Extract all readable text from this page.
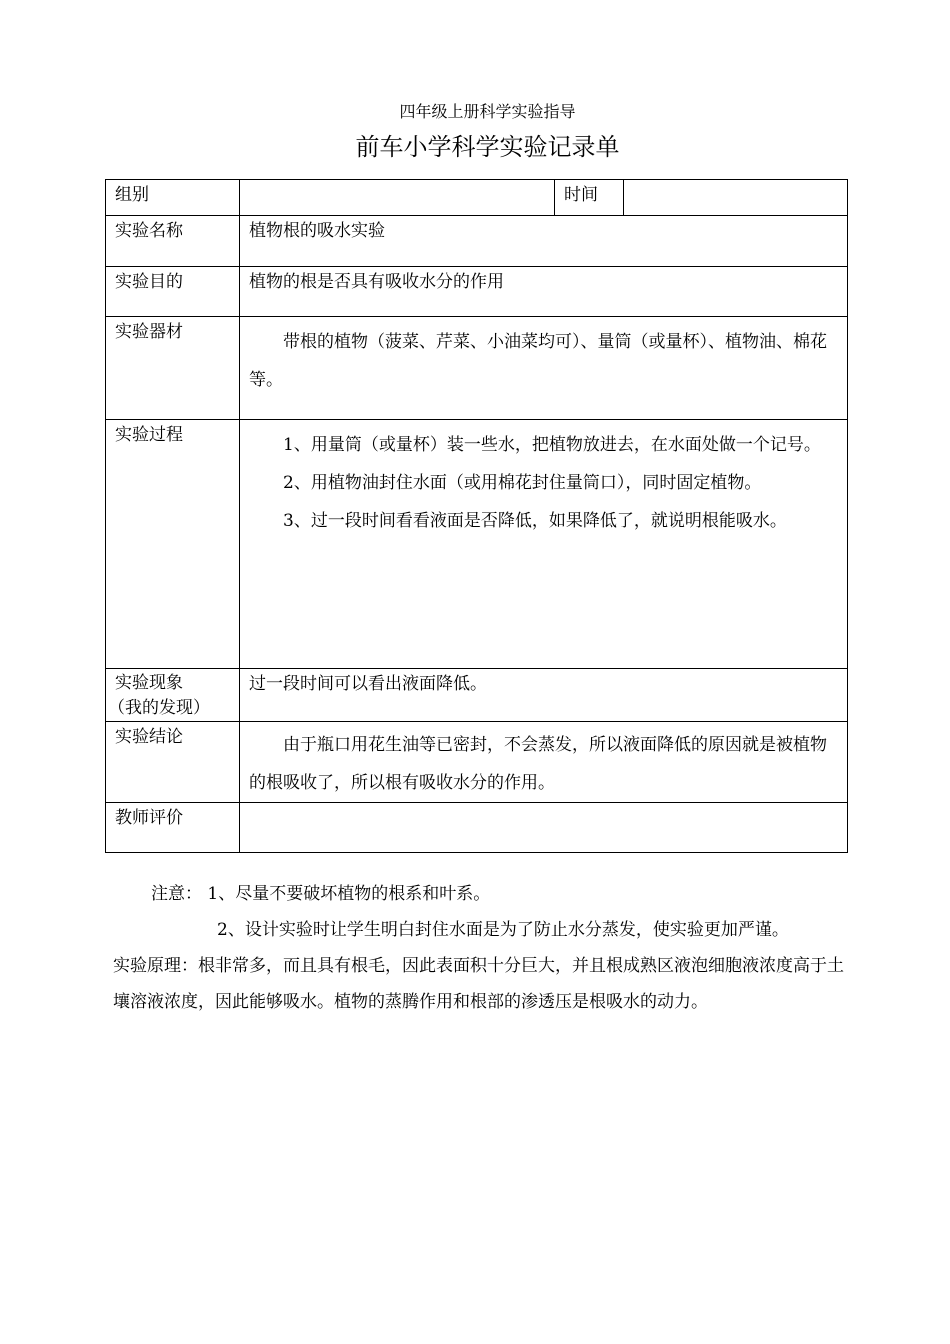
四年级上册科学实验指导
前车小学科学实验记录单
组别		时间	
实验名称	植物根的吸水实验		
实验目的	植物的根是否具有吸收水分的作用		
实验器材	带根的植物（菠菜、芹菜、小油菜均可）、量筒（或量杯）、植物油、棉花等。		

实验过程	1、用量筒（或量杯）装一些水，把植物放进去，在水面处做一个记号。

2、用植物油封住水面（或用棉花封住量筒口），同时固定植物。

3、过一段时间看看液面是否降低，如果降低了，就说明根能吸水。		

实验现象
（我的发现）	过一段时间可以看出液面降低。		
实验结论	由于瓶口用花生油等已密封，不会蒸发，所以液面降低的原因就是被植物的根吸收了，所以根有吸收水分的作用。		

教师评价			

注意： 1、尽量不要破坏植物的根系和叶系。

2、设计实验时让学生明白封住水面是为了防止水分蒸发，使实验更加严谨。

实验原理：根非常多，而且具有根毛，因此表面积十分巨大，并且根成熟区液泡细胞液浓度高于土壤溶液浓度，因此能够吸水。植物的蒸腾作用和根部的渗透压是根吸水的动力。
